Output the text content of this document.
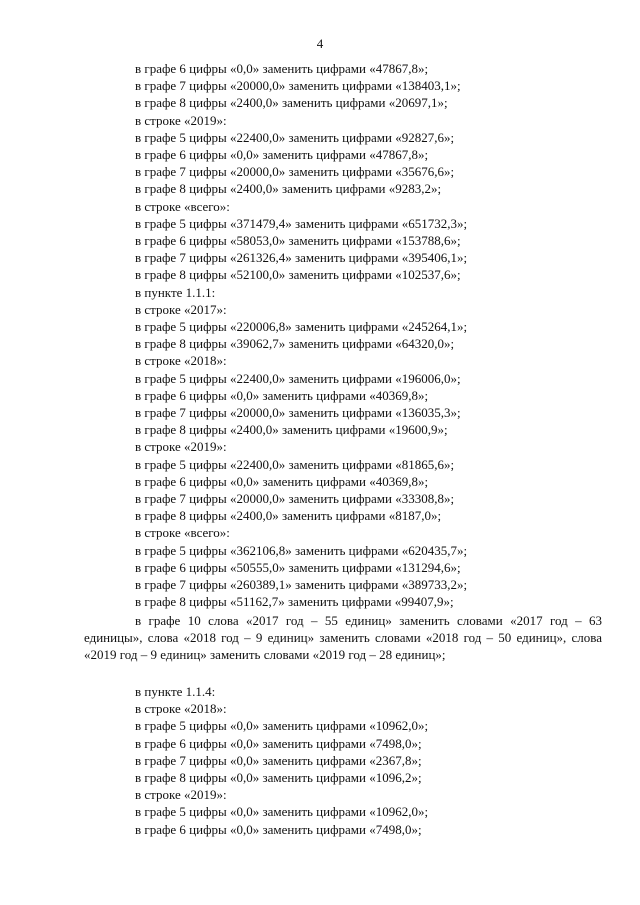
4
в графе 6 цифры «0,0» заменить цифрами «47867,8»;
в графе 7 цифры «20000,0» заменить цифрами «138403,1»;
в графе 8 цифры «2400,0» заменить цифрами «20697,1»;
в строке «2019»:
в графе 5 цифры «22400,0» заменить цифрами «92827,6»;
в графе 6 цифры «0,0» заменить цифрами «47867,8»;
в графе 7 цифры «20000,0» заменить цифрами «35676,6»;
в графе 8 цифры «2400,0» заменить цифрами «9283,2»;
в строке «всего»:
в графе 5 цифры «371479,4» заменить цифрами «651732,3»;
в графе 6 цифры «58053,0» заменить цифрами «153788,6»;
в графе 7 цифры «261326,4» заменить цифрами «395406,1»;
в графе 8 цифры «52100,0» заменить цифрами «102537,6»;
в пункте 1.1.1:
в строке «2017»:
в графе 5 цифры «220006,8» заменить цифрами «245264,1»;
в графе 8 цифры «39062,7» заменить цифрами «64320,0»;
в строке «2018»:
в графе 5 цифры «22400,0» заменить цифрами «196006,0»;
в графе 6 цифры «0,0» заменить цифрами «40369,8»;
в графе 7 цифры «20000,0» заменить цифрами «136035,3»;
в графе 8 цифры «2400,0» заменить цифрами «19600,9»;
в строке «2019»:
в графе 5 цифры «22400,0» заменить цифрами «81865,6»;
в графе 6 цифры «0,0» заменить цифрами «40369,8»;
в графе 7 цифры «20000,0» заменить цифрами «33308,8»;
в графе 8 цифры «2400,0» заменить цифрами «8187,0»;
в строке «всего»:
в графе 5 цифры «362106,8» заменить цифрами «620435,7»;
в графе 6 цифры «50555,0» заменить цифрами «131294,6»;
в графе 7 цифры «260389,1» заменить цифрами «389733,2»;
в графе 8 цифры «51162,7» заменить цифрами «99407,9»;
в графе 10 слова «2017 год – 55 единиц» заменить словами «2017 год – 63 единицы», слова «2018 год – 9 единиц» заменить словами «2018 год – 50 единиц», слова «2019 год – 9 единиц» заменить словами «2019 год – 28 единиц»;
в пункте 1.1.4:
в строке «2018»:
в графе 5 цифры «0,0» заменить цифрами «10962,0»;
в графе 6 цифры «0,0» заменить цифрами «7498,0»;
в графе 7 цифры «0,0» заменить цифрами «2367,8»;
в графе 8 цифры «0,0» заменить цифрами «1096,2»;
в строке «2019»:
в графе 5 цифры «0,0» заменить цифрами «10962,0»;
в графе 6 цифры «0,0» заменить цифрами «7498,0»;
